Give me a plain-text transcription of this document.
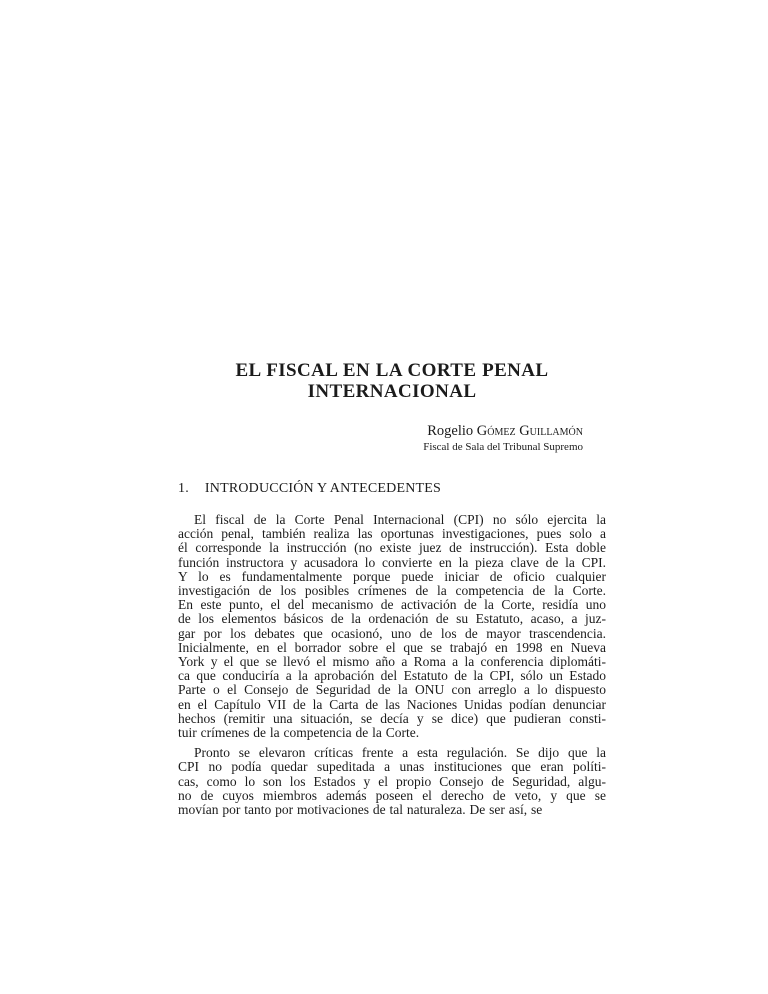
EL FISCAL EN LA CORTE PENAL
INTERNACIONAL
Rogelio Gómez Guillamón
Fiscal de Sala del Tribunal Supremo
1. INTRODUCCIÓN Y ANTECEDENTES
El fiscal de la Corte Penal Internacional (CPI) no sólo ejercita la
acción penal, también realiza las oportunas investigaciones, pues solo a
él corresponde la instrucción (no existe juez de instrucción). Esta doble
función instructora y acusadora lo convierte en la pieza clave de la CPI.
Y lo es fundamentalmente porque puede iniciar de oficio cualquier
investigación de los posibles crímenes de la competencia de la Corte.
En este punto, el del mecanismo de activación de la Corte, residía uno
de los elementos básicos de la ordenación de su Estatuto, acaso, a juz-
gar por los debates que ocasionó, uno de los de mayor trascendencia.
Inicialmente, en el borrador sobre el que se trabajó en 1998 en Nueva
York y el que se llevó el mismo año a Roma a la conferencia diplomáti-
ca que conduciría a la aprobación del Estatuto de la CPI, sólo un Estado
Parte o el Consejo de Seguridad de la ONU con arreglo a lo dispuesto
en el Capítulo VII de la Carta de las Naciones Unidas podían denunciar
hechos (remitir una situación, se decía y se dice) que pudieran consti-
tuir crímenes de la competencia de la Corte.
Pronto se elevaron críticas frente a esta regulación. Se dijo que la
CPI no podía quedar supeditada a unas instituciones que eran políti-
cas, como lo son los Estados y el propio Consejo de Seguridad, algu-
no de cuyos miembros además poseen el derecho de veto, y que se
movían por tanto por motivaciones de tal naturaleza. De ser así, se
